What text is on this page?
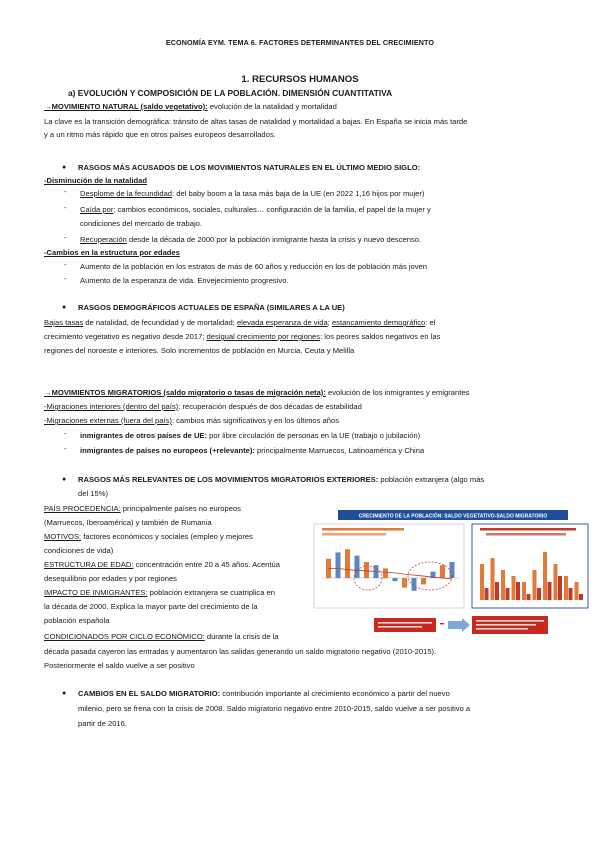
ECONOMÍA EYM. TEMA 6. FACTORES DETERMINANTES DEL CRECIMIENTO
1. RECURSOS HUMANOS
a) EVOLUCIÓN Y COMPOSICIÓN DE LA POBLACIÓN. DIMENSIÓN CUANTITATIVA
→MOVIMIENTO NATURAL (saldo vegetativo): evolución de la natalidad y mortalidad
La clave es la transición demográfica: tránsito de altas tasas de natalidad y mortalidad a bajas. En España se inicia más tarde
y a un ritmo más rápido que en otros países europeos desarrollados.
● RASGOS MÁS ACUSADOS DE LOS MOVIMIENTOS NATURALES EN EL ÚLTIMO MEDIO SIGLO:
-Disminución de la natalidad
- Desplome de la fecundidad: del baby boom a la tasa más baja de la UE (en 2022 1,16 hijos por mujer)
- Caída por: cambios económicos, sociales, culturales… configuración de la familia, el papel de la mujer y
condiciones del mercado de trabajo.
- Recuperación desde la década de 2000 por la población inmigrante hasta la crisis y nuevo descenso.
-Cambios en la estructura por edades
- Aumento de la población en los estratos de más de 60 años y reducción en los de población más joven
- Aumento de la esperanza de vida. Envejecimiento progresivo.
● RASGOS DEMOGRÁFICOS ACTUALES DE ESPAÑA (SIMILARES A LA UE)
Bajas tasas de natalidad, de fecundidad y de mortalidad; elevada esperanza de vida; estancamiento demográfico: el
crecimiento vegetativo es negativo desde 2017; desigual crecimiento por regiones: los peores saldos negativos en las
regiones del noroeste e interiores. Solo incrementos de población en Murcia, Ceuta y Melilla
→MOVIMIENTOS MIGRATORIOS (saldo migratorio o tasas de migración neta): evolución de los inmigrantes y emigrantes
-Migraciones interiores (dentro del país): recuperación después de dos décadas de estabilidad
-Migraciones externas (fuera del país): cambios más significativos y en los últimos años
- inmigrantes de otros países de UE: por libre circulación de personas en la UE (trabajo o jubilación)
- inmigrantes de países no europeos (+relevante): principalmente Marruecos, Latinoamérica y China
● RASGOS MÁS RELEVANTES DE LOS MOVIMIENTOS MIGRATORIOS EXTERIORES: población extranjera (algo más
del 15%)
PAÍS PROCEDENCIA: principalmente países no europeos
(Marruecos, Iberoamérica) y también de Rumania
MOTIVOS: factores económicos y sociales (empleo y mejores
condiciones de vida)
ESTRUCTURA DE EDAD: concentración entre 20 a 45 años. Acentúa
desequilibrio por edades y por regiones
IMPACTO DE INMIGRANTES: población extranjera se cuatriplica en
la década de 2000. Explica la mayor parte del crecimiento de la
población española
CONDICIONADOS POR CICLO ECONÓMICO: durante la crisis de la
década pasada cayeron las entradas y aumentaron las salidas generando un saldo migratorio negativo (2010-2015).
Posteriormente el saldo vuelve a ser positivo
CRECIMIENTO DE LA POBLACIÓN: SALDO VEGETATIVO-SALDO MIGRATORIO
● CAMBIOS EN EL SALDO MIGRATORIO: contribución importante al crecimiento económico a partir del nuevo
milenio, pero se frena con la crisis de 2008. Saldo migratorio negativo entre 2010-2015, saldo vuelve a ser positivo a
partir de 2016.
